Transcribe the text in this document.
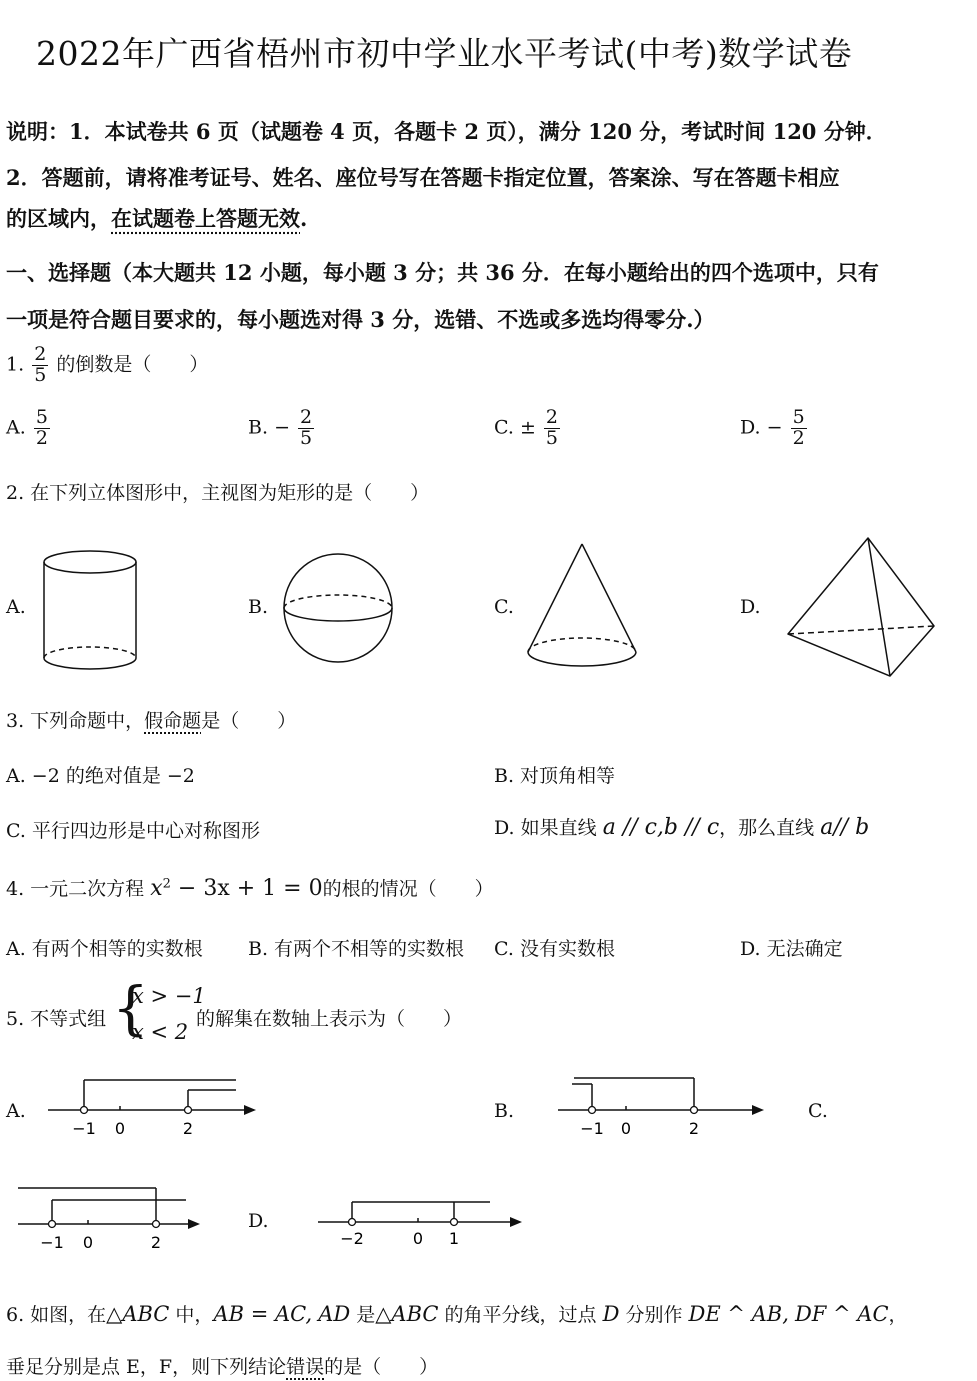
2022年广西省梧州市初中学业水平考试(中考)数学试卷
说明：1．本试卷共 6 页（试题卷 4 页，各题卡 2 页），满分 120 分，考试时间 120 分钟．
2．答题前，请将准考证号、姓名、座位号写在答题卡指定位置，答案涂、写在答题卡相应
的区域内，在试题卷上答题无效.
一、选择题（本大题共 12 小题，每小题 3 分；共 36 分．在每小题给出的四个选项中，只有
一项是符合题目要求的，每小题选对得 3 分，选错、不选或多选均得零分.）
1. $\frac{2}{5}$ 的倒数是（　　）
A. $\frac{5}{2}$	B. − $\frac{2}{5}$	C. ± $\frac{2}{5}$	D. − $\frac{5}{2}$
2. 在下列立体图形中，主视图为矩形的是（　　）
A.	B.	C.	D.
3. 下列命题中，假命题是（　　）
A. −2 的绝对值是 −2	B. 对顶角相等
C. 平行四边形是中心对称图形	D. 如果直线 a // c,b // c，那么直线 a// b
4. 一元二次方程 $x^2 - 3x + 1 = 0$的根的情况（　　）
A. 有两个相等的实数根 B. 有两个不相等的实数根 C. 没有实数根	D. 无法确定
5. 不等式组 {
x > −1
x < 2
的解集在数轴上表示为（　　）
A.	B.	C.
D.
−1 0	2	−1 0	2
−1 0	2	−2	0 1
6. 如图，在△ABC 中，AB = AC, AD 是△ABC 的角平分线，过点 D 分别作 DE ^ AB, DF ^ AC，
垂足分别是点 E，F，则下列结论错误的是（　　）
